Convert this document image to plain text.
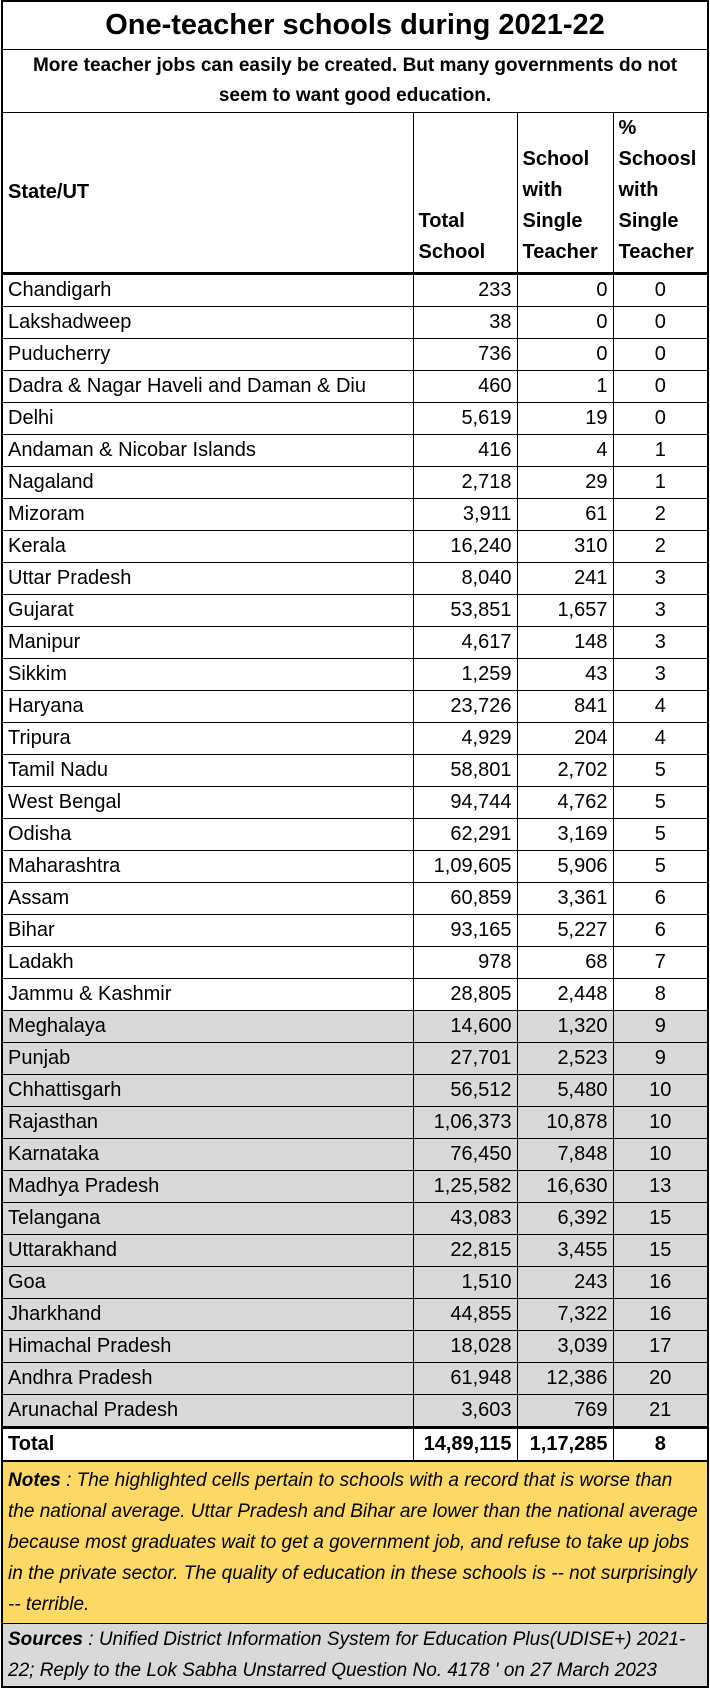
One-teacher schools during 2021-22
More teacher jobs can easily be created. But many governments do not seem to want good education.
State/UT	Total School	School with Single Teacher	% Schoosl with Single Teacher
Chandigarh	233	0	0
Lakshadweep	38	0	0
Puducherry	736	0	0
Dadra & Nagar Haveli and Daman & Diu	460	1	0
Delhi	5,619	19	0
Andaman & Nicobar Islands	416	4	1
Nagaland	2,718	29	1
Mizoram	3,911	61	2
Kerala	16,240	310	2
Uttar Pradesh	8,040	241	3
Gujarat	53,851	1,657	3
Manipur	4,617	148	3
Sikkim	1,259	43	3
Haryana	23,726	841	4
Tripura	4,929	204	4
Tamil Nadu	58,801	2,702	5
West Bengal	94,744	4,762	5
Odisha	62,291	3,169	5
Maharashtra	1,09,605	5,906	5
Assam	60,859	3,361	6
Bihar	93,165	5,227	6
Ladakh	978	68	7
Jammu & Kashmir	28,805	2,448	8
Meghalaya	14,600	1,320	9
Punjab	27,701	2,523	9
Chhattisgarh	56,512	5,480	10
Rajasthan	1,06,373	10,878	10
Karnataka	76,450	7,848	10
Madhya Pradesh	1,25,582	16,630	13
Telangana	43,083	6,392	15
Uttarakhand	22,815	3,455	15
Goa	1,510	243	16
Jharkhand	44,855	7,322	16
Himachal Pradesh	18,028	3,039	17
Andhra Pradesh	61,948	12,386	20
Arunachal Pradesh	3,603	769	21
Total	14,89,115	1,17,285	8
Notes : The highlighted cells pertain to schools with a record that is worse than the national average. Uttar Pradesh and Bihar are lower than the national average because most graduates wait to get a government job, and refuse to take up jobs in the private sector. The quality of education in these schools is -- not surprisingly -- terrible.
Sources : Unified District Information System for Education Plus(UDISE+) 2021-22; Reply to the Lok Sabha Unstarred Question No. 4178 ' on 27 March 2023
